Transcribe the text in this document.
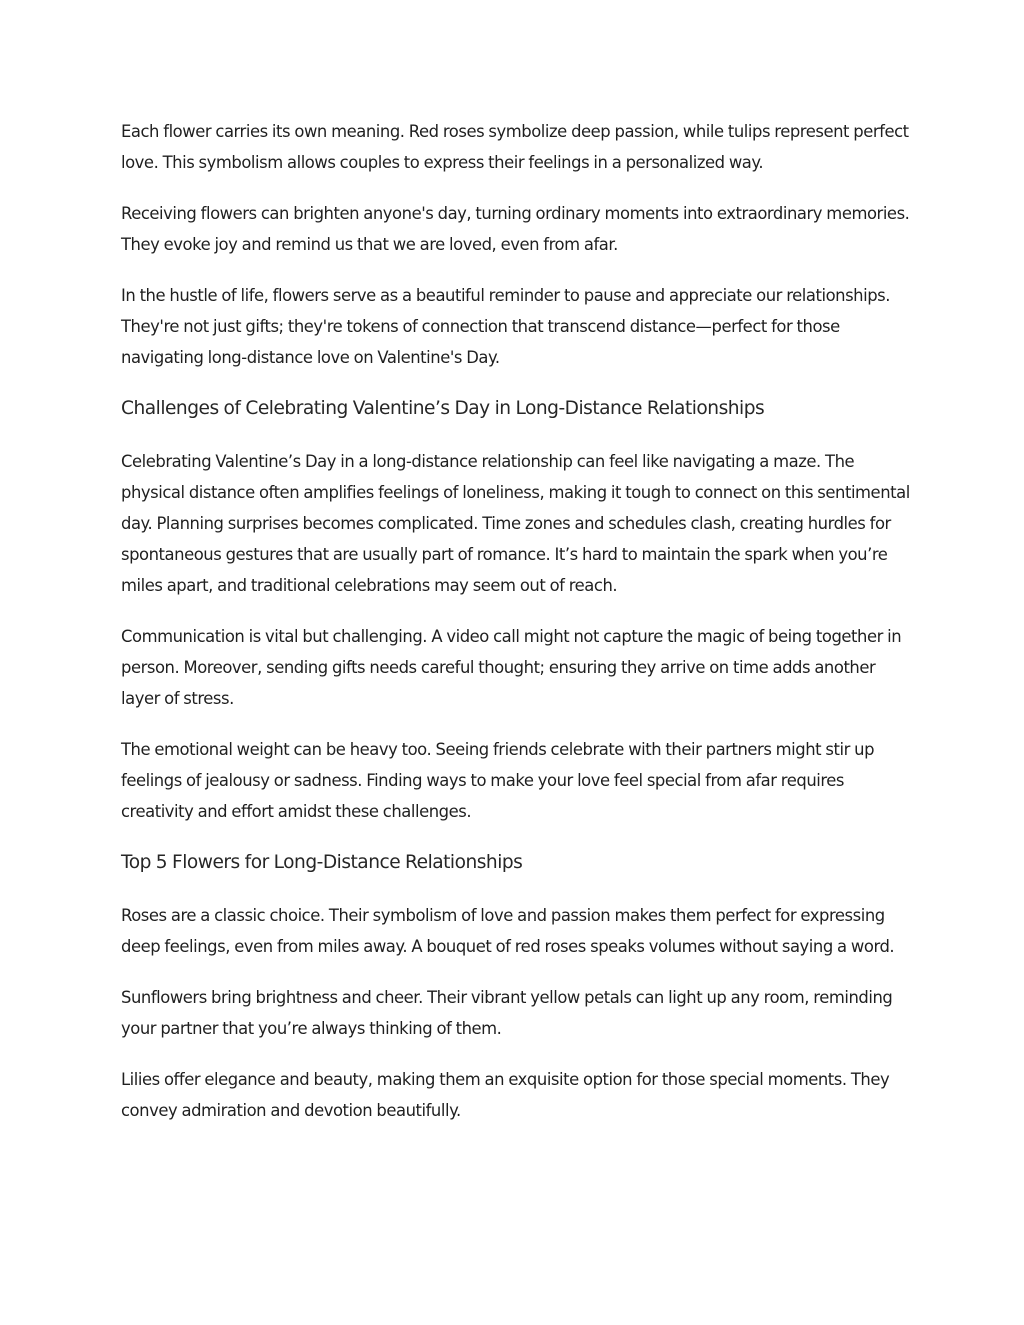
Each flower carries its own meaning. Red roses symbolize deep passion, while tulips represent perfect love. This symbolism allows couples to express their feelings in a personalized way.

Receiving flowers can brighten anyone's day, turning ordinary moments into extraordinary memories. They evoke joy and remind us that we are loved, even from afar.

In the hustle of life, flowers serve as a beautiful reminder to pause and appreciate our relationships. They're not just gifts; they're tokens of connection that transcend distance—perfect for those navigating long-distance love on Valentine's Day.

Challenges of Celebrating Valentine’s Day in Long-Distance Relationships

Celebrating Valentine’s Day in a long-distance relationship can feel like navigating a maze. The physical distance often amplifies feelings of loneliness, making it tough to connect on this sentimental day. Planning surprises becomes complicated. Time zones and schedules clash, creating hurdles for spontaneous gestures that are usually part of romance. It’s hard to maintain the spark when you’re miles apart, and traditional celebrations may seem out of reach.

Communication is vital but challenging. A video call might not capture the magic of being together in person. Moreover, sending gifts needs careful thought; ensuring they arrive on time adds another layer of stress.

The emotional weight can be heavy too. Seeing friends celebrate with their partners might stir up feelings of jealousy or sadness. Finding ways to make your love feel special from afar requires creativity and effort amidst these challenges.

Top 5 Flowers for Long-Distance Relationships

Roses are a classic choice. Their symbolism of love and passion makes them perfect for expressing deep feelings, even from miles away. A bouquet of red roses speaks volumes without saying a word.

Sunflowers bring brightness and cheer. Their vibrant yellow petals can light up any room, reminding your partner that you’re always thinking of them.

Lilies offer elegance and beauty, making them an exquisite option for those special moments. They convey admiration and devotion beautifully.
